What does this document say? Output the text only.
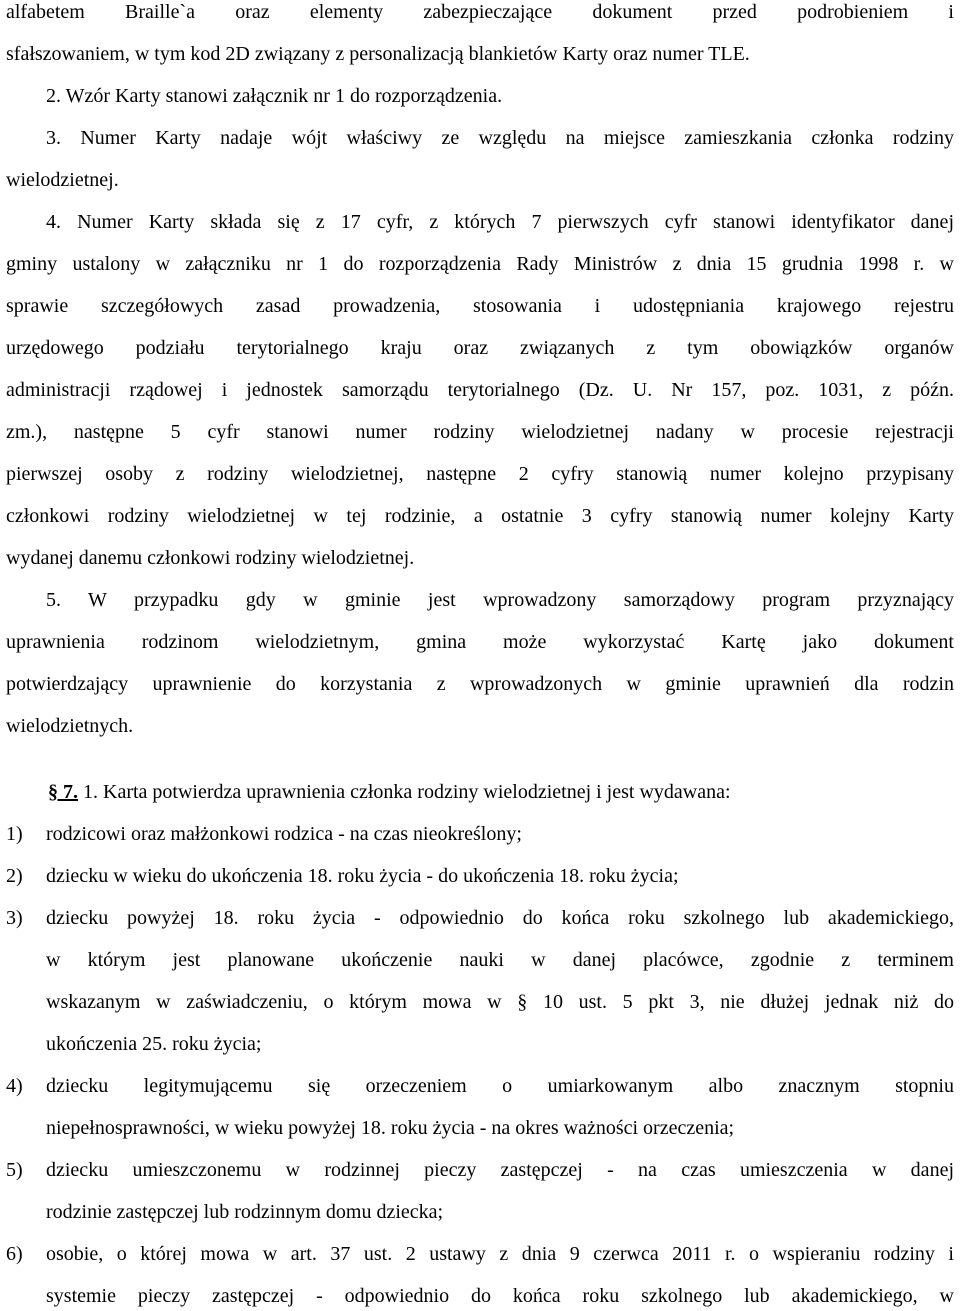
alfabetem Braille`a oraz elementy zabezpieczające dokument przed podrobieniem i
sfałszowaniem, w tym kod 2D związany z personalizacją blankietów Karty oraz numer TLE.
2. Wzór Karty stanowi załącznik nr 1 do rozporządzenia.
3. Numer Karty nadaje wójt właściwy ze względu na miejsce zamieszkania członka rodziny
wielodzietnej.
4. Numer Karty składa się z 17 cyfr, z których 7 pierwszych cyfr stanowi identyfikator danej
gminy ustalony w załączniku nr 1 do rozporządzenia Rady Ministrów z dnia 15 grudnia 1998 r. w
sprawie szczegółowych zasad prowadzenia, stosowania i udostępniania krajowego rejestru
urzędowego podziału terytorialnego kraju oraz związanych z tym obowiązków organów
administracji rządowej i jednostek samorządu terytorialnego (Dz. U. Nr 157, poz. 1031, z późn.
zm.), następne 5 cyfr stanowi numer rodziny wielodzietnej nadany w procesie rejestracji
pierwszej osoby z rodziny wielodzietnej, następne 2 cyfry stanowią numer kolejno przypisany
członkowi rodziny wielodzietnej w tej rodzinie, a ostatnie 3 cyfry stanowią numer kolejny Karty
wydanej danemu członkowi rodziny wielodzietnej.
5. W przypadku gdy w gminie jest wprowadzony samorządowy program przyznający
uprawnienia rodzinom wielodzietnym, gmina może wykorzystać Kartę jako dokument
potwierdzający uprawnienie do korzystania z wprowadzonych w gminie uprawnień dla rodzin
wielodzietnych.
§ 7. 1. Karta potwierdza uprawnienia członka rodziny wielodzietnej i jest wydawana:
1) rodzicowi oraz małżonkowi rodzica - na czas nieokreślony;
2) dziecku w wieku do ukończenia 18. roku życia - do ukończenia 18. roku życia;
3) dziecku powyżej 18. roku życia - odpowiednio do końca roku szkolnego lub akademickiego,
w którym jest planowane ukończenie nauki w danej placówce, zgodnie z terminem
wskazanym w zaświadczeniu, o którym mowa w § 10 ust. 5 pkt 3, nie dłużej jednak niż do
ukończenia 25. roku życia;
4) dziecku legitymującemu się orzeczeniem o umiarkowanym albo znacznym stopniu
niepełnosprawności, w wieku powyżej 18. roku życia - na okres ważności orzeczenia;
5) dziecku umieszczonemu w rodzinnej pieczy zastępczej - na czas umieszczenia w danej
rodzinie zastępczej lub rodzinnym domu dziecka;
6) osobie, o której mowa w art. 37 ust. 2 ustawy z dnia 9 czerwca 2011 r. o wspieraniu rodziny i
systemie pieczy zastępczej - odpowiednio do końca roku szkolnego lub akademickiego, w
